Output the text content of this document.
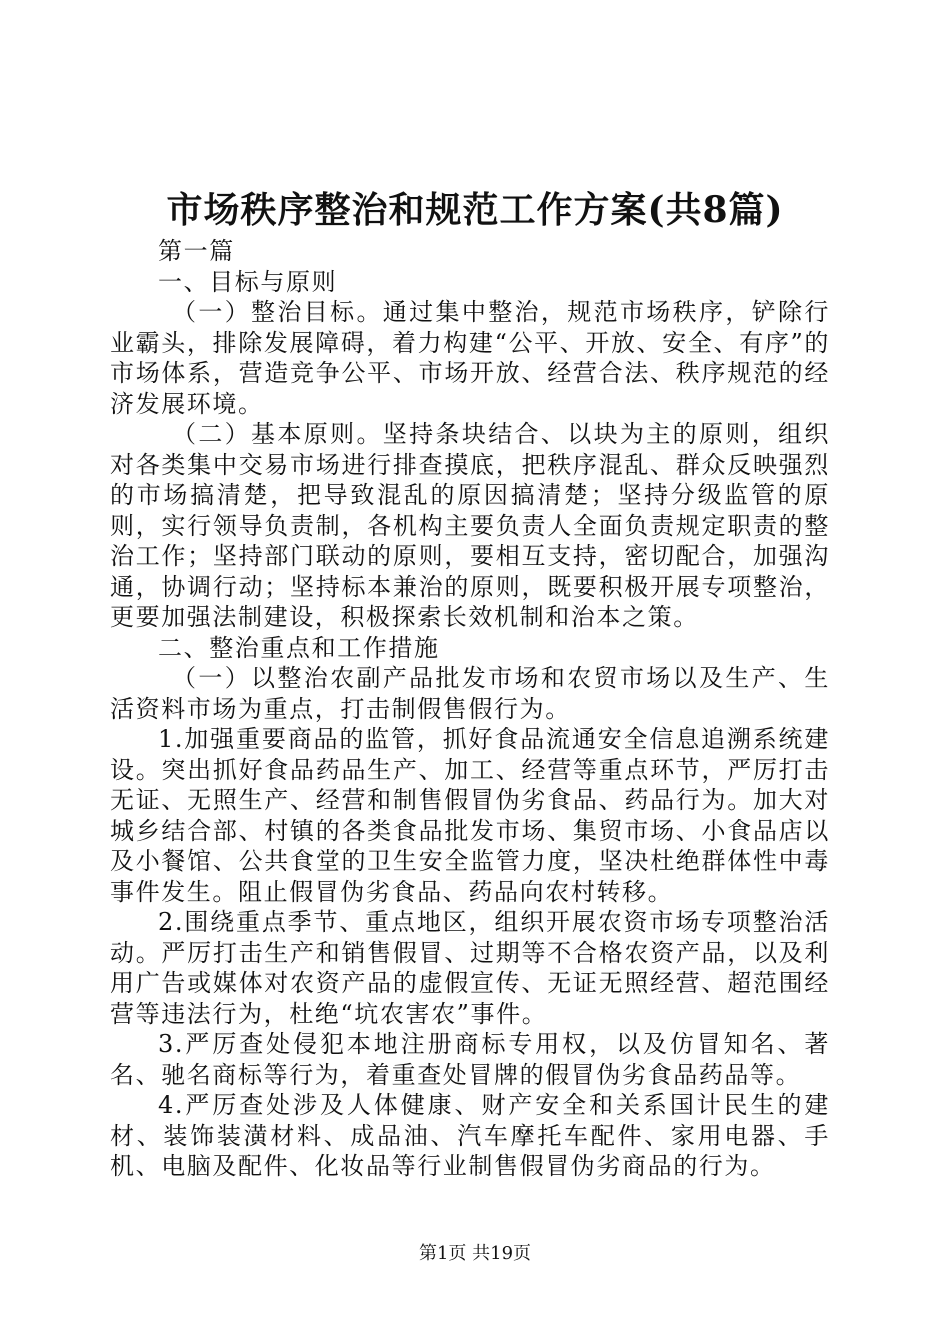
市场秩序整治和规范工作方案(共8篇)

第一篇

一、目标与原则

（一）整治目标。通过集中整治，规范市场秩序，铲除行业霸头，排除发展障碍，着力构建“公平、开放、安全、有序”的市场体系，营造竞争公平、市场开放、经营合法、秩序规范的经济发展环境。

（二）基本原则。坚持条块结合、以块为主的原则，组织对各类集中交易市场进行排查摸底，把秩序混乱、群众反映强烈的市场搞清楚，把导致混乱的原因搞清楚；坚持分级监管的原则，实行领导负责制，各机构主要负责人全面负责规定职责的整治工作；坚持部门联动的原则，要相互支持，密切配合，加强沟通，协调行动；坚持标本兼治的原则，既要积极开展专项整治，更要加强法制建设，积极探索长效机制和治本之策。

二、整治重点和工作措施

（一）以整治农副产品批发市场和农贸市场以及生产、生活资料市场为重点，打击制假售假行为。

1.加强重要商品的监管，抓好食品流通安全信息追溯系统建设。突出抓好食品药品生产、加工、经营等重点环节，严厉打击无证、无照生产、经营和制售假冒伪劣食品、药品行为。加大对城乡结合部、村镇的各类食品批发市场、集贸市场、小食品店以及小餐馆、公共食堂的卫生安全监管力度，坚决杜绝群体性中毒事件发生。阻止假冒伪劣食品、药品向农村转移。

2.围绕重点季节、重点地区，组织开展农资市场专项整治活动。严厉打击生产和销售假冒、过期等不合格农资产品，以及利用广告或媒体对农资产品的虚假宣传、无证无照经营、超范围经营等违法行为，杜绝“坑农害农”事件。

3.严厉查处侵犯本地注册商标专用权，以及仿冒知名、著名、驰名商标等行为，着重查处冒牌的假冒伪劣食品药品等。

4.严厉查处涉及人体健康、财产安全和关系国计民生的建材、装饰装潢材料、成品油、汽车摩托车配件、家用电器、手机、电脑及配件、化妆品等行业制售假冒伪劣商品的行为。

第1页 共19页
